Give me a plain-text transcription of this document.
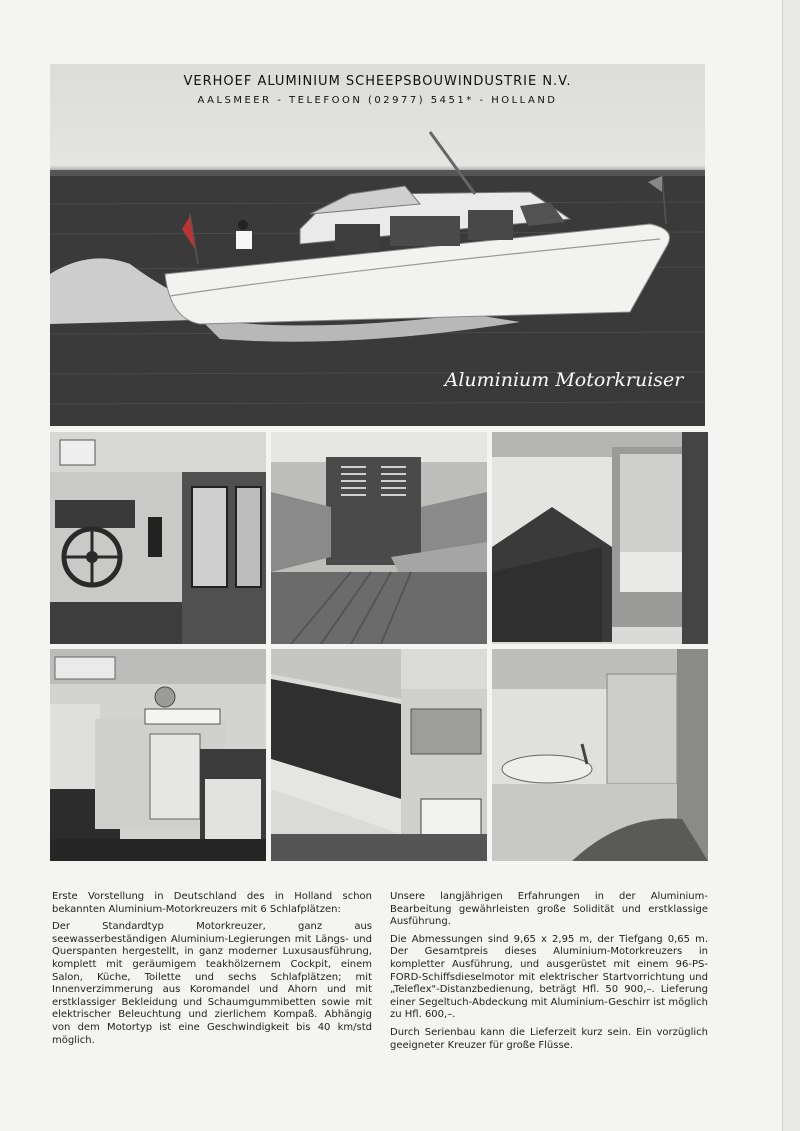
VERHOEF ALUMINIUM SCHEEPSBOUWINDUSTRIE N.V.
AALSMEER - TELEFOON (02977) 5451* - HOLLAND
Aluminium Motorkruiser

Erste Vorstellung in Deutschland des in Holland schon bekannten Aluminium-Motorkreuzers mit 6 Schlafplätzen:

Der Standardtyp Motorkreuzer, ganz aus seewasserbeständigen Aluminium-Legierungen mit Längs- und Querspanten hergestellt, in ganz moderner Luxusausführung, komplett mit geräumigem teakhölzernem Cockpit, einem Salon, Küche, Toilette und sechs Schlafplätzen; mit Innenverzimmerung aus Koromandel und Ahorn und mit erstklassiger Bekleidung und Schaumgummibetten sowie mit elektrischer Beleuchtung und zierlichem Kompaß. Abhängig von dem Motortyp ist eine Geschwindigkeit bis 40 km/std möglich.

Unsere langjährigen Erfahrungen in der Aluminium-Bearbeitung gewährleisten große Solidität und erstklassige Ausführung.

Die Abmessungen sind 9,65 x 2,95 m, der Tiefgang 0,65 m. Der Gesamtpreis dieses Aluminium-Motorkreuzers in kompletter Ausführung, und ausgerüstet mit einem 96-PS-FORD-Schiffsdieselmotor mit elektrischer Startvorrichtung und „Teleflex"-Distanzbedienung, beträgt Hfl. 50 900,–. Lieferung einer Segeltuch-Abdeckung mit Aluminium-Geschirr ist möglich zu Hfl. 600,–.

Durch Serienbau kann die Lieferzeit kurz sein. Ein vorzüglich geeigneter Kreuzer für große Flüsse.
